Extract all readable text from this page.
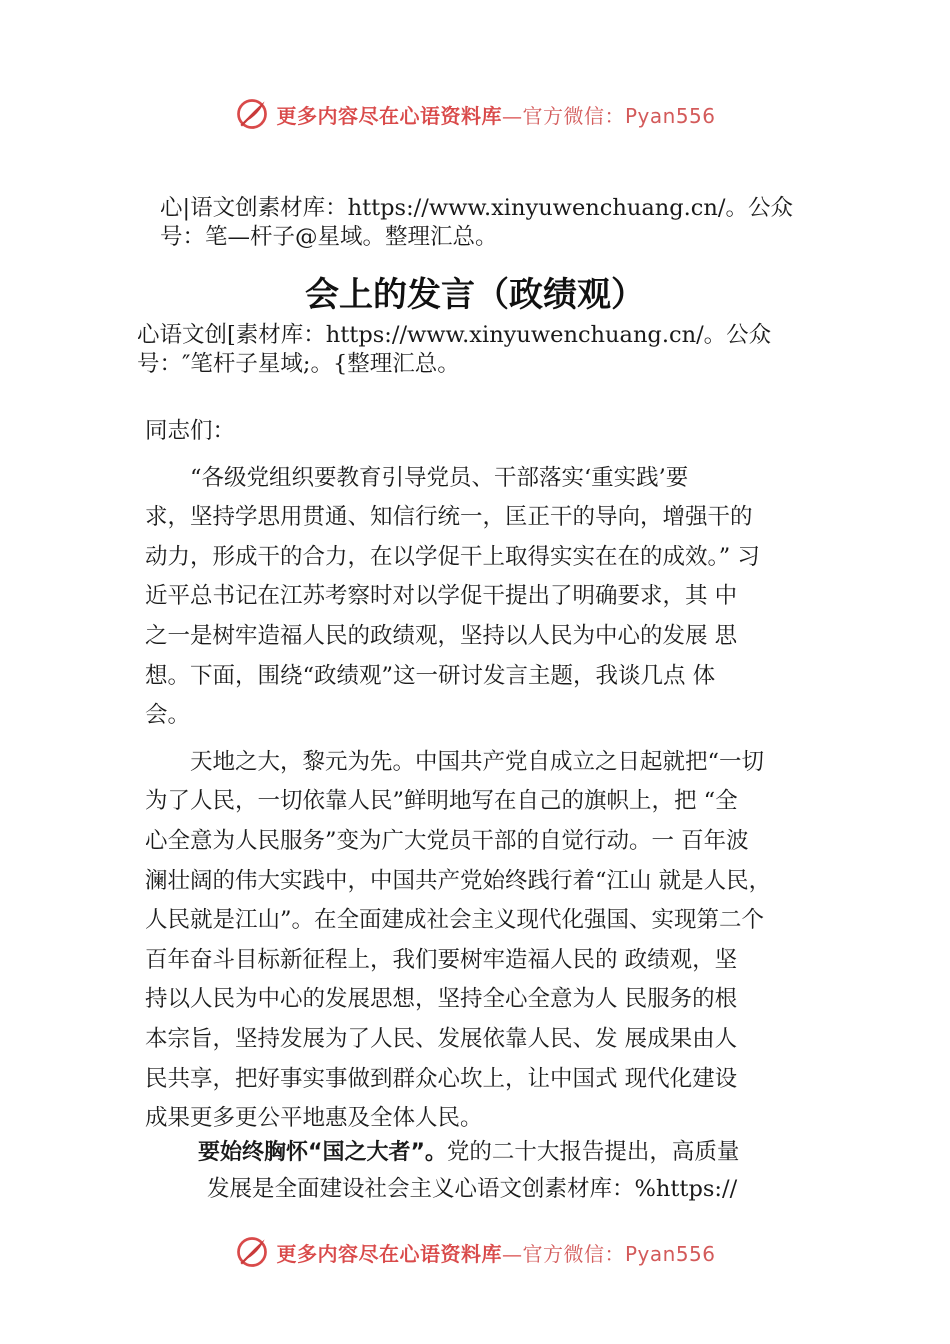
更多内容尽在心语资料库—官方微信：Pyan556
心|语文创素材库：https://www.xinyuwenchuang.cn/。公众
号：笔—杆子@星域。整理汇总。
会上的发言（政绩观）
心语文创[素材库：https://www.xinyuwenchuang.cn/。公众
号：″笔杆子星域;。{整理汇总。
同志们：
　　“各级党组织要教育引导党员、干部落实‘重实践’要
求，坚持学思用贯通、知信行统一，匡正干的导向，增强干的
动力，形成干的合力，在以学促干上取得实实在在的成效。” 习
近平总书记在江苏考察时对以学促干提出了明确要求，其 中
之一是树牢造福人民的政绩观，坚持以人民为中心的发展 思
想。下面，围绕“政绩观”这一研讨发言主题，我谈几点 体
会。
　　天地之大，黎元为先。中国共产党自成立之日起就把“一切
为了人民，一切依靠人民”鲜明地写在自己的旗帜上，把 “全
心全意为人民服务”变为广大党员干部的自觉行动。一 百年波
澜壮阔的伟大实践中，中国共产党始终践行着“江山 就是人民，
人民就是江山”。在全面建成社会主义现代化强国、实现第二个
百年奋斗目标新征程上，我们要树牢造福人民的 政绩观，坚
持以人民为中心的发展思想，坚持全心全意为人 民服务的根
本宗旨，坚持发展为了人民、发展依靠人民、发 展成果由人
民共享，把好事实事做到群众心坎上，让中国式 现代化建设
成果更多更公平地惠及全体人民。
要始终胸怀“国之大者”。党的二十大报告提出，高质量
发展是全面建设社会主义心语文创素材库：%https://
更多内容尽在心语资料库—官方微信：Pyan556
